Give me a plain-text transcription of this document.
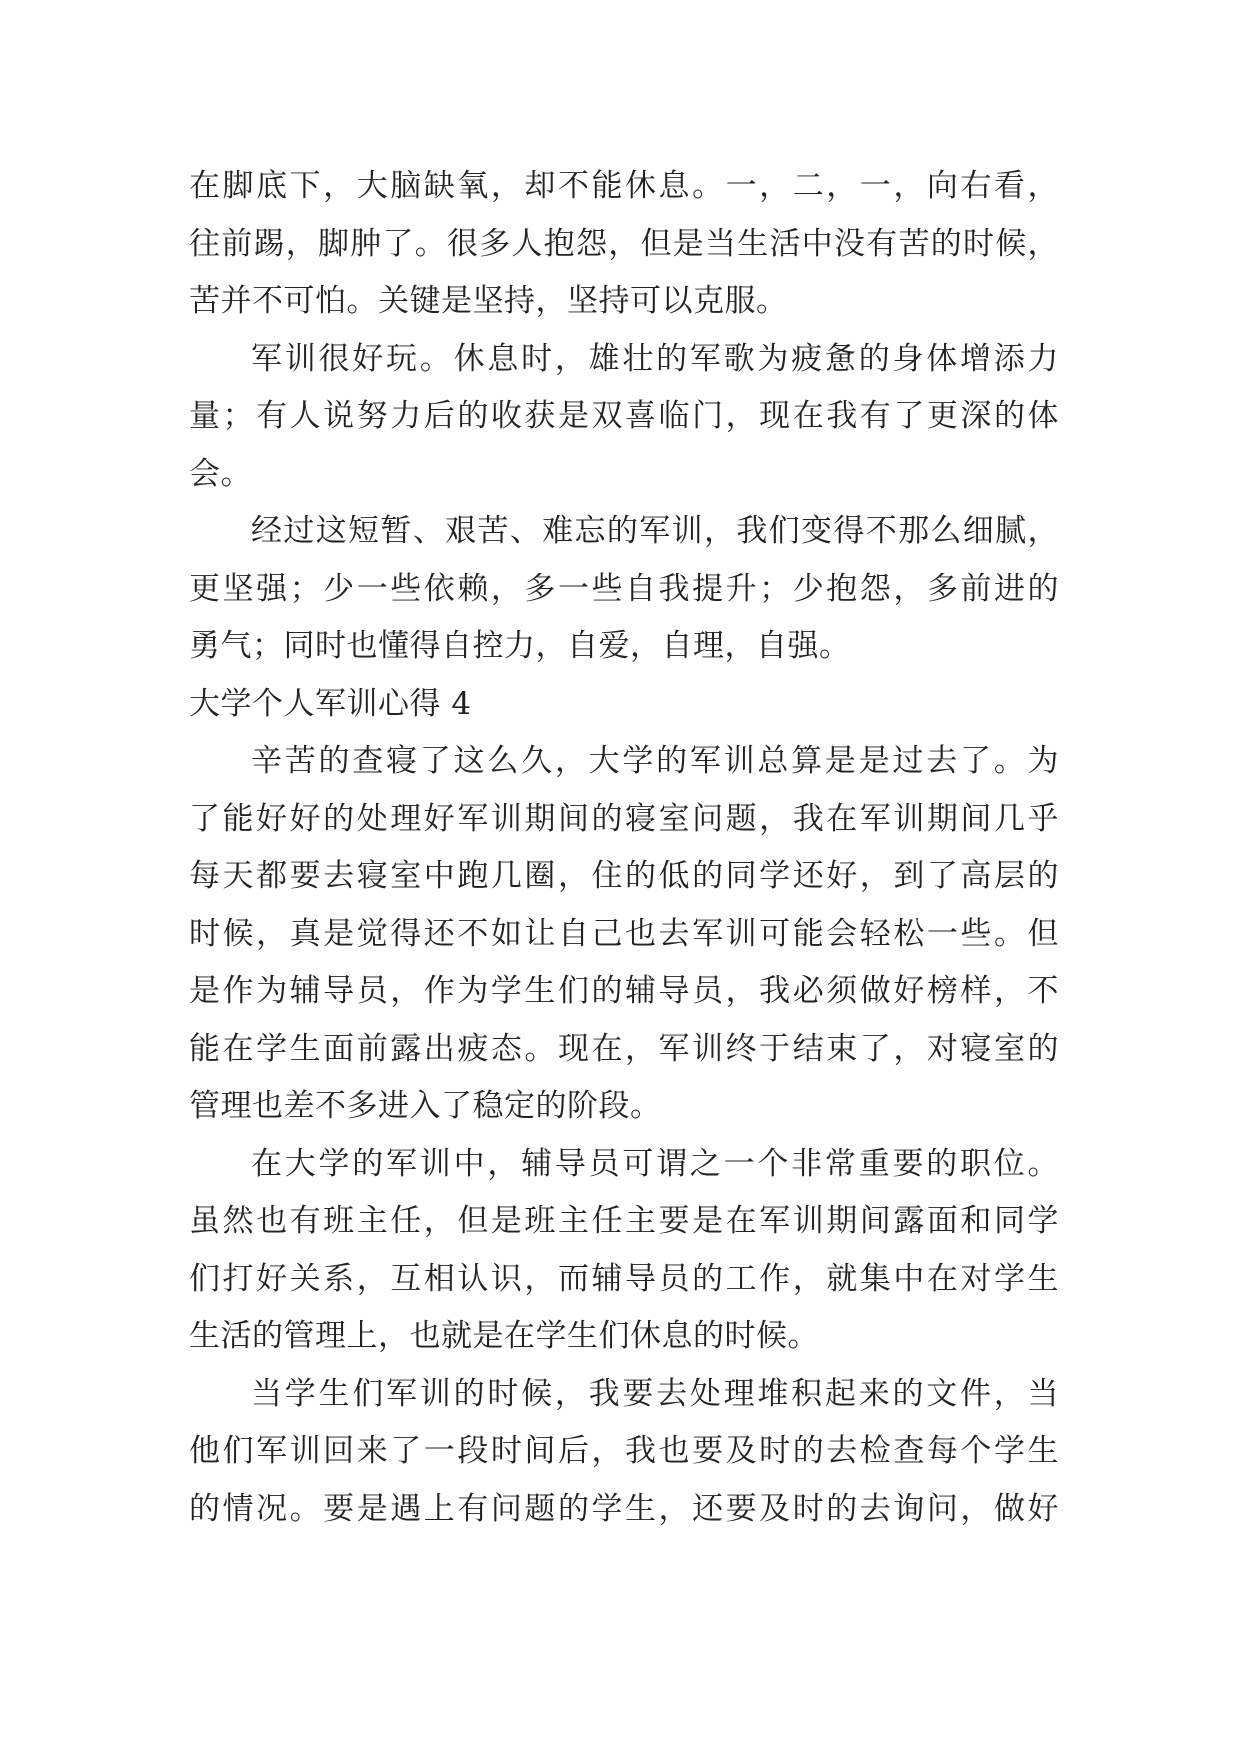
在脚底下，大脑缺氧，却不能休息。一，二，一，向右看，
往前踢，脚肿了。很多人抱怨，但是当生活中没有苦的时候，
苦并不可怕。关键是坚持，坚持可以克服。
军训很好玩。休息时，雄壮的军歌为疲惫的身体增添力
量；有人说努力后的收获是双喜临门，现在我有了更深的体
会。
经过这短暂、艰苦、难忘的军训，我们变得不那么细腻，
更坚强；少一些依赖，多一些自我提升；少抱怨，多前进的
勇气；同时也懂得自控力，自爱，自理，自强。
大学个人军训心得 4
辛苦的查寝了这么久，大学的军训总算是是过去了。为
了能好好的处理好军训期间的寝室问题，我在军训期间几乎
每天都要去寝室中跑几圈，住的低的同学还好，到了高层的
时候，真是觉得还不如让自己也去军训可能会轻松一些。但
是作为辅导员，作为学生们的辅导员，我必须做好榜样，不
能在学生面前露出疲态。现在，军训终于结束了，对寝室的
管理也差不多进入了稳定的阶段。
在大学的军训中，辅导员可谓之一个非常重要的职位。
虽然也有班主任，但是班主任主要是在军训期间露面和同学
们打好关系，互相认识，而辅导员的工作，就集中在对学生
生活的管理上，也就是在学生们休息的时候。
当学生们军训的时候，我要去处理堆积起来的文件，当
他们军训回来了一段时间后，我也要及时的去检查每个学生
的情况。要是遇上有问题的学生，还要及时的去询问，做好
